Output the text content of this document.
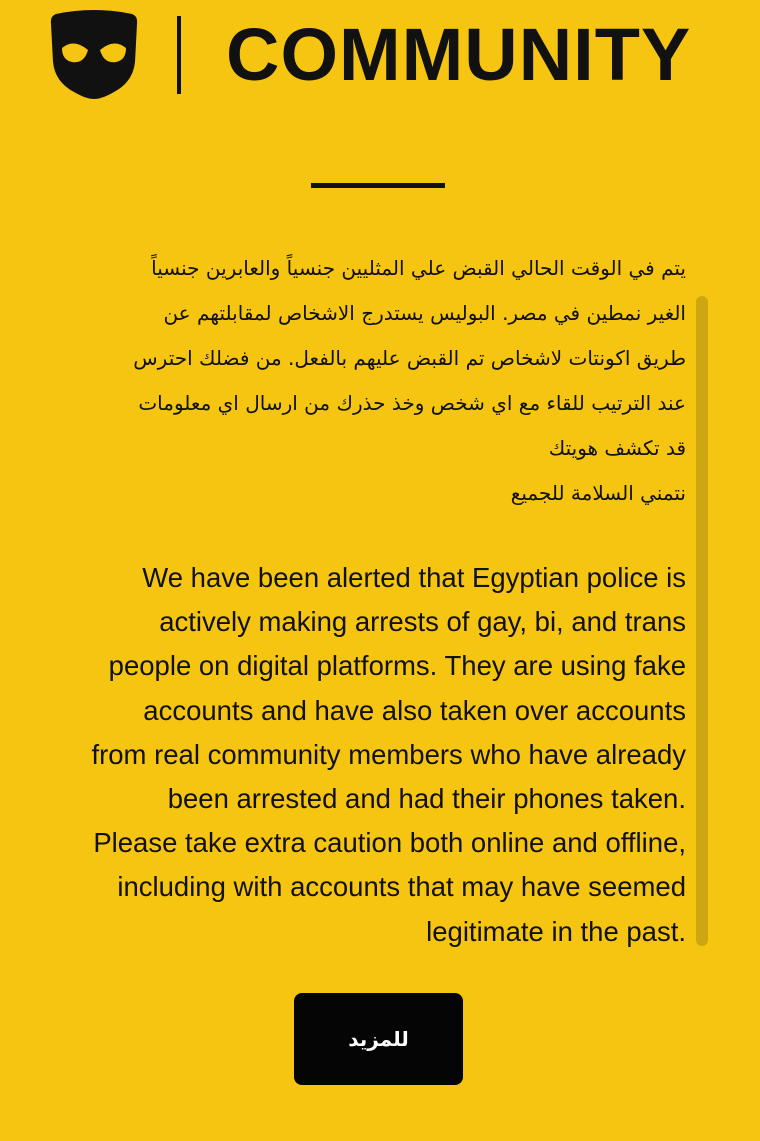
COMMUNITY

يتم في الوقت الحالي القبض علي المثليين جنسياً والعابرين جنسياً

الغير نمطين في مصر. البوليس يستدرج الاشخاص لمقابلتهم عن

طريق اكونتات لاشخاص تم القبض عليهم بالفعل. من فضلك احترس

عند الترتيب للقاء مع اي شخص وخذ حذرك من ارسال اي معلومات

قد تكشف هويتك

نتمني السلامة للجميع

We have been alerted that Egyptian police is

actively making arrests of gay, bi, and trans

people on digital platforms. They are using fake

accounts and have also taken over accounts

from real community members who have already

been arrested and had their phones taken.

Please take extra caution both online and offline,

including with accounts that may have seemed

legitimate in the past.

للمزيد
